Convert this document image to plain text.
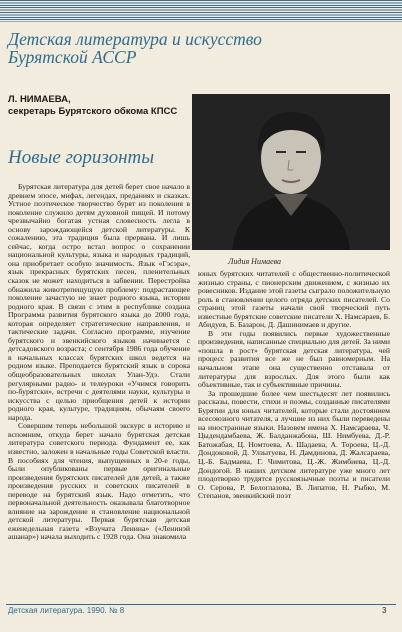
Детская литература и искусство
Бурятской АССР
Л. НИМАЕВА,
секретарь Бурятского обкома КПСС
Новые горизонты
Лидия Нимаева

Бурятская литература для детей берет свое начало в древнем эпосе, мифах, легендах, преданиях и сказках. Устное поэтическое творчество бурят из поколения в поколение служило детям духовной пищей. И потому чрезвычайно богатая устная словесность легла в основу зарождающейся детской литературы. К сожалению, эта традиция была прервана. И лишь сейчас, когда остро встал вопрос о сохранении национальной культуры, языка и народных традиций, она приобретает особую значимость. Язык «Гэсэра», язык прекрасных бурятских песен, пленительных сказок не может находиться в забвении. Перестройка обнажила животрепещущую проблему: подрастающее поколение зачастую не знает родного языка, истории родного края. В связи с этим в республике создана Программа развития бурятского языка до 2000 года, которая определяет стратегические направления, и тактические задачи. Согласно программе, изучение бурятского и эвенкийского языков начинается с детсадовского возраста; с сентября 1986 года обучение в начальных классах бурятских школ ведется на родном языке. Преподается бурятский язык в сорока общеобразовательных школах Улан-Удэ. Стали регулярными радио- и телеуроки «Учимся говорить по-бурятски», встречи с деятелями науки, культуры и искусства с целью приобщения детей к истории родного края, культуре, традициям, обычаям своего народа.

Совершим теперь небольшой экскурс в историю и вспомним, откуда берет начало бурятская детская литература советского периода. Фундамент ее, как известно, заложен в начальные годы Советской власти. В пособиях для чтения, выпущенных в 20-е годы, были опубликованы первые оригинальные произведения бурятских писателей для детей, а также произведения русских и советских писателей в переводе на бурятский язык. Надо отметить, что первоначальной деятельность оказывала благотворное влияние на зарождение и становление национальной детской литературы. Первая бурятская детская еженедельная газета «Вэучата Ленина» («Ленинэй ашанар») начала выходить с 1928 года. Она знакомила

юных бурятских читателей с общественно-политической жизнью страны, с пионерским движением, с жизнью их ровесников. Издание этой газеты сыграло положительную роль в становлении целого отряда детских писателей. Со страниц этой газеты начали свой творческий путь известные бурятские советские писатели Х. Намсараев, Б. Абидуев, Б. Базарон, Д. Дашинимаев и другие.

В эти годы появились первые художественные произведения, написанные специально для детей. За ними «пошла в рост» бурятская детская литература, чей процесс развития все же не был равномерным. На начальном этапе она существенно отставала от литературы для взрослых. Для этого были как объективные, так и субъективные причины.

За прошедшие более чем шестьдесят лет появились рассказы, повести, стихи и поэмы, созданные писателями Бурятии для юных читателей, которые стали достоянием всесоюзного читателя, а лучшие из них были переведены на иностранные языки. Назовем имена Х. Намсараева, Ч. Цыдендамбаева, Ж. Балданжабона, Ш. Нимбуева, Д.-Р. Батожабая, Ц. Номтоева, А. Шадаева, А. Тороева, Ц.-Д. Дондоковой, Д. Улзытуева, Н. Дамдинова, Д. Жалсараева, Ц.-Б. Бадмаева, Г. Чимитова, Ц.-Ж. Жимбиева, Ц.-Д. Дондогой. В наших детском литературе уже много лет плодотворно трудятся русскоязычные поэты и писатели О. Серова, Р. Белоглазова, В. Липатов, Н. Рыбко, М. Степанов, эвенкийский поэт

Детская литература. 1990. № 8	3
